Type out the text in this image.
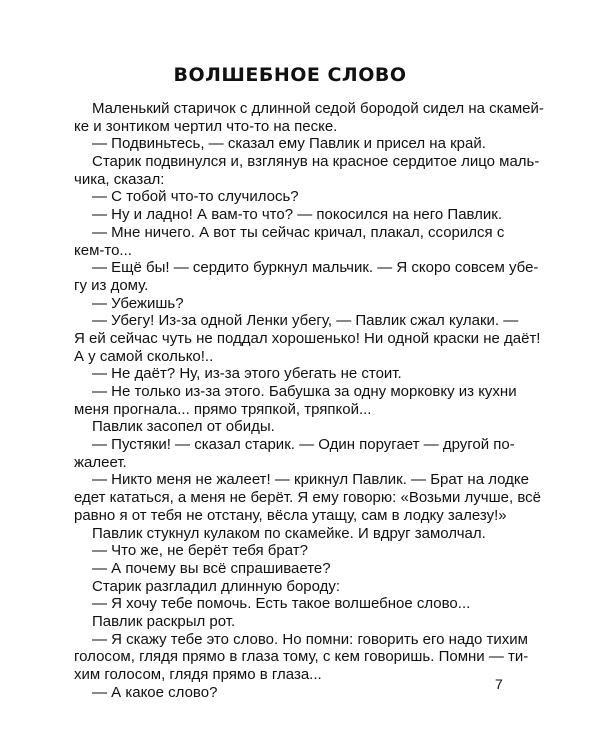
ВОЛШЕБНОЕ СЛОВО
Маленький старичок с длинной седой бородой сидел на скамей-
ке и зонтиком чертил что-то на песке.
— Подвиньтесь, — сказал ему Павлик и присел на край.
Старик подвинулся и, взглянув на красное сердитое лицо маль-
чика, сказал:
— С тобой что-то случилось?
— Ну и ладно! А вам-то что? — покосился на него Павлик.
— Мне ничего. А вот ты сейчас кричал, плакал, ссорился с
кем-то...
— Ещё бы! — сердито буркнул мальчик. — Я скоро совсем убе-
гу из дому.
— Убежишь?
— Убегу! Из-за одной Ленки убегу, — Павлик сжал кулаки. —
Я ей сейчас чуть не поддал хорошенько! Ни одной краски не даёт!
А у самой сколько!..
— Не даёт? Ну, из-за этого убегать не стоит.
— Не только из-за этого. Бабушка за одну морковку из кухни
меня прогнала... прямо тряпкой, тряпкой...
Павлик засопел от обиды.
— Пустяки! — сказал старик. — Один поругает — другой по-
жалеет.
— Никто меня не жалеет! — крикнул Павлик. — Брат на лодке
едет кататься, а меня не берёт. Я ему говорю: «Возьми лучше, всё
равно я от тебя не отстану, вёсла утащу, сам в лодку залезу!»
Павлик стукнул кулаком по скамейке. И вдруг замолчал.
— Что же, не берёт тебя брат?
— А почему вы всё спрашиваете?
Старик разгладил длинную бороду:
— Я хочу тебе помочь. Есть такое волшебное слово...
Павлик раскрыл рот.
— Я скажу тебе это слово. Но помни: говорить его надо тихим
голосом, глядя прямо в глаза тому, с кем говоришь. Помни — ти-
хим голосом, глядя прямо в глаза...
— А какое слово?	7
